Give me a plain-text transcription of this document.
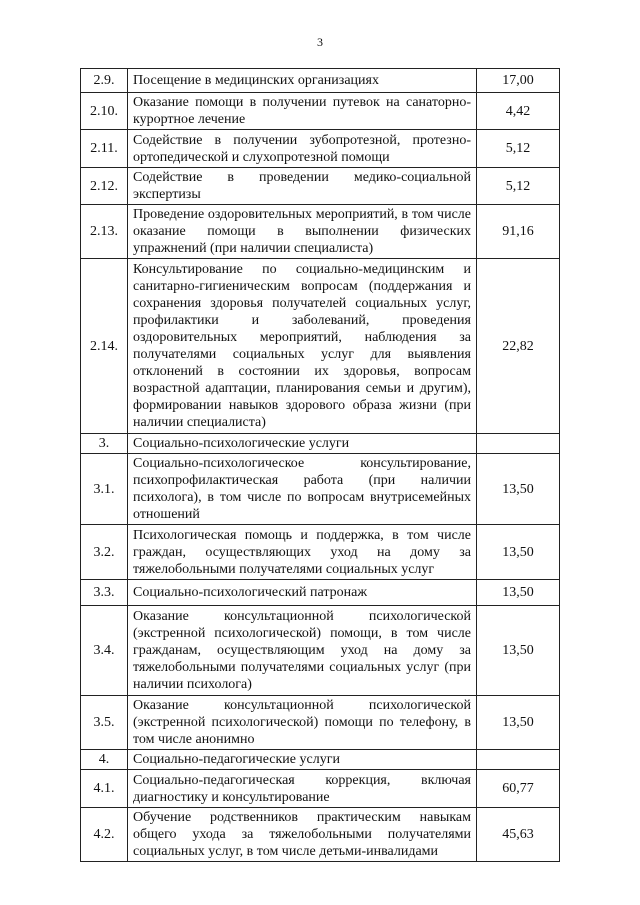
3
2.9.	Посещение в медицинских организациях	17,00
2.10.	Оказание помощи в получении путевок на санаторно-курортное лечение	4,42
2.11.	Содействие в получении зубопротезной, протезно-ортопедической и слухопротезной помощи	5,12
2.12.	Содействие в проведении медико-социальной экспертизы	5,12
2.13.	Проведение оздоровительных мероприятий, в том числе оказание помощи в выполнении физических упражнений (при наличии специалиста)	91,16
2.14.	Консультирование по социально-медицинским и санитарно-гигиеническим вопросам (поддержания и сохранения здоровья получателей социальных услуг, профилактики и заболеваний, проведения оздоровительных мероприятий, наблюдения за получателями социальных услуг для выявления отклонений в состоянии их здоровья, вопросам возрастной адаптации, планирования семьи и другим), формировании навыков здорового образа жизни (при наличии специалиста)	22,82
3.	Социально-психологические услуги	
3.1.	Социально-психологическое консультирование, психопрофилактическая работа (при наличии психолога), в том числе по вопросам внутрисемейных отношений	13,50
3.2.	Психологическая помощь и поддержка, в том числе граждан, осуществляющих уход на дому за тяжелобольными получателями социальных услуг	13,50
3.3.	Социально-психологический патронаж	13,50
3.4.	Оказание консультационной психологической (экстренной психологической) помощи, в том числе гражданам, осуществляющим уход на дому за тяжелобольными получателями социальных услуг (при наличии психолога)	13,50
3.5.	Оказание консультационной психологической (экстренной психологической) помощи по телефону, в том числе анонимно	13,50
4.	Социально-педагогические услуги	
4.1.	Социально-педагогическая коррекция, включая диагностику и консультирование	60,77
4.2.	Обучение родственников практическим навыкам общего ухода за тяжелобольными получателями социальных услуг, в том числе детьми-инвалидами	45,63
